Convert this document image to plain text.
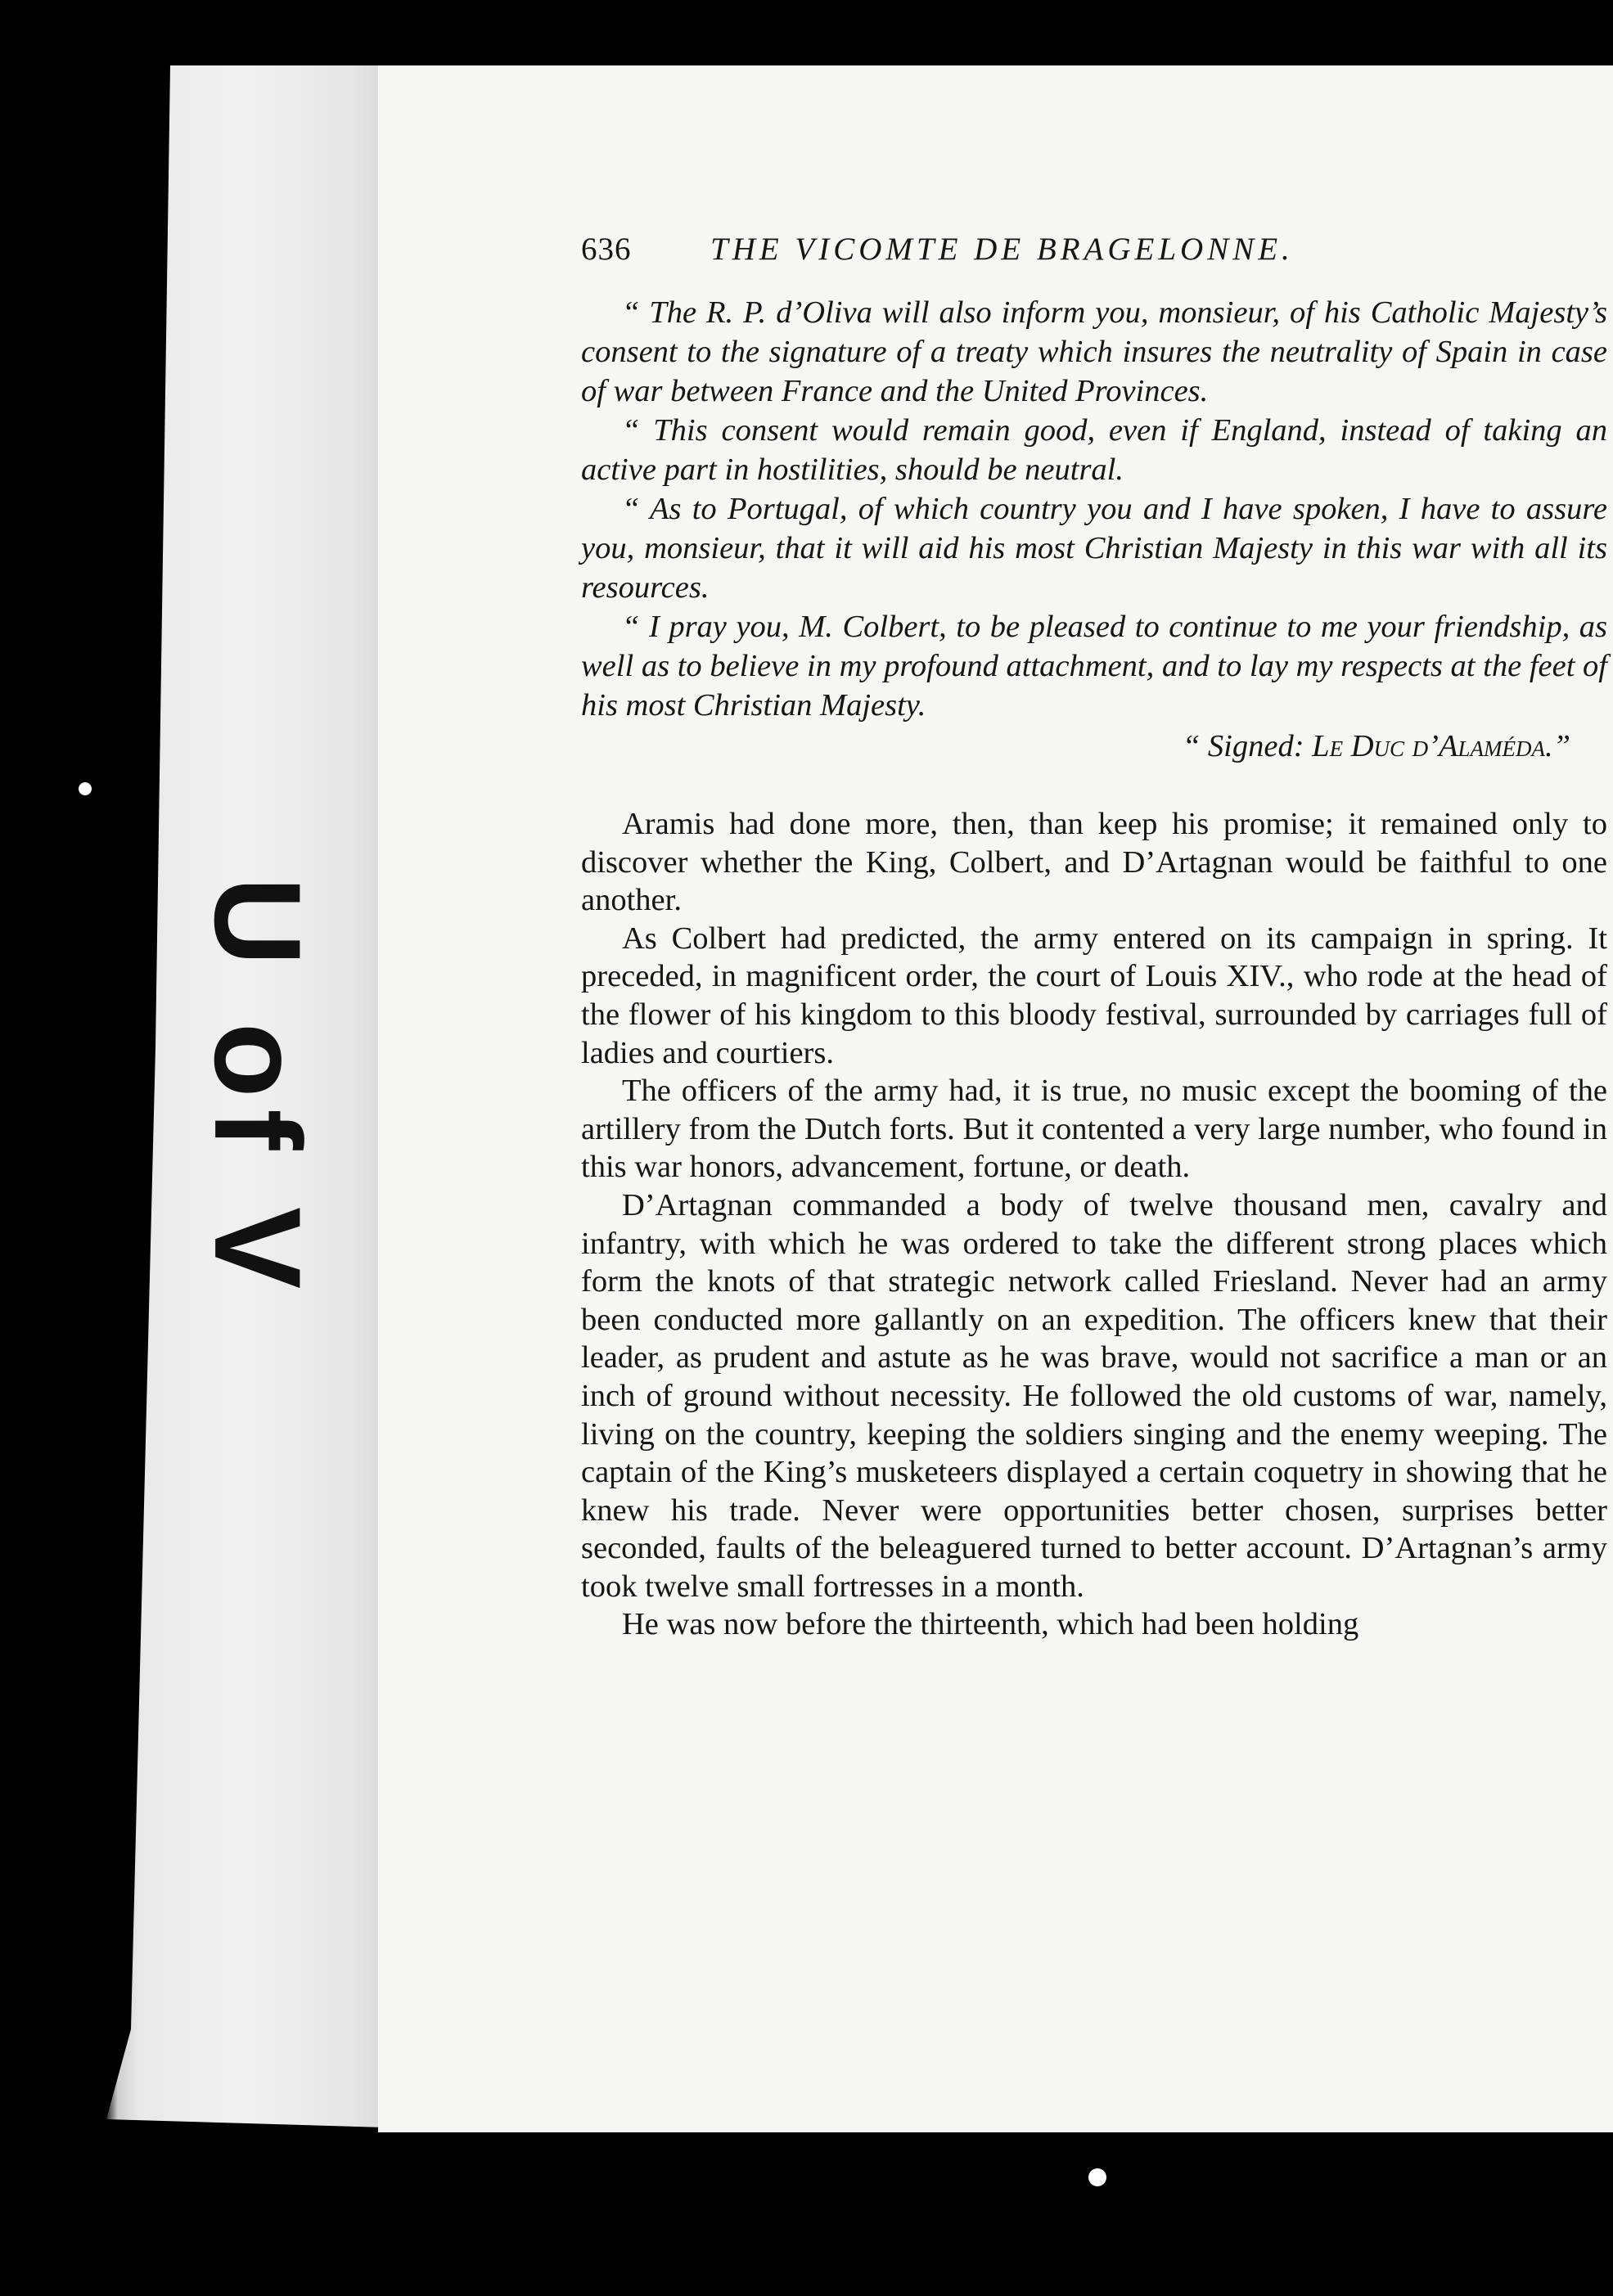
U of V
636	THE VICOMTE DE BRAGELONNE.

“ The R. P. d’Oliva will also inform you, monsieur, of his Catholic Majesty’s consent to the signature of a treaty which insures the neutrality of Spain in case of war between France and the United Provinces.

“ This consent would remain good, even if England, instead of taking an active part in hostilities, should be neutral.

“ As to Portugal, of which country you and I have spoken, I have to assure you, monsieur, that it will aid his most Christian Majesty in this war with all its resources.

“ I pray you, M. Colbert, to be pleased to continue to me your friendship, as well as to believe in my profound attachment, and to lay my respects at the feet of his most Christian Majesty.

“ Signed: Le Duc d’Alaméda.”

Aramis had done more, then, than keep his promise; it remained only to discover whether the King, Colbert, and D’Artagnan would be faithful to one another.

As Colbert had predicted, the army entered on its campaign in spring. It preceded, in magnificent order, the court of Louis XIV., who rode at the head of the flower of his kingdom to this bloody festival, surrounded by carriages full of ladies and courtiers.

The officers of the army had, it is true, no music except the booming of the artillery from the Dutch forts. But it contented a very large number, who found in this war honors, advancement, fortune, or death.

D’Artagnan commanded a body of twelve thousand men, cavalry and infantry, with which he was ordered to take the different strong places which form the knots of that strategic network called Friesland. Never had an army been conducted more gallantly on an expedition. The officers knew that their leader, as prudent and astute as he was brave, would not sacrifice a man or an inch of ground without necessity. He followed the old customs of war, namely, living on the country, keeping the soldiers singing and the enemy weeping. The captain of the King’s musketeers displayed a certain coquetry in showing that he knew his trade. Never were opportunities better chosen, surprises better seconded, faults of the beleaguered turned to better account. D’Artagnan’s army took twelve small fortresses in a month.

He was now before the thirteenth, which had been holding
